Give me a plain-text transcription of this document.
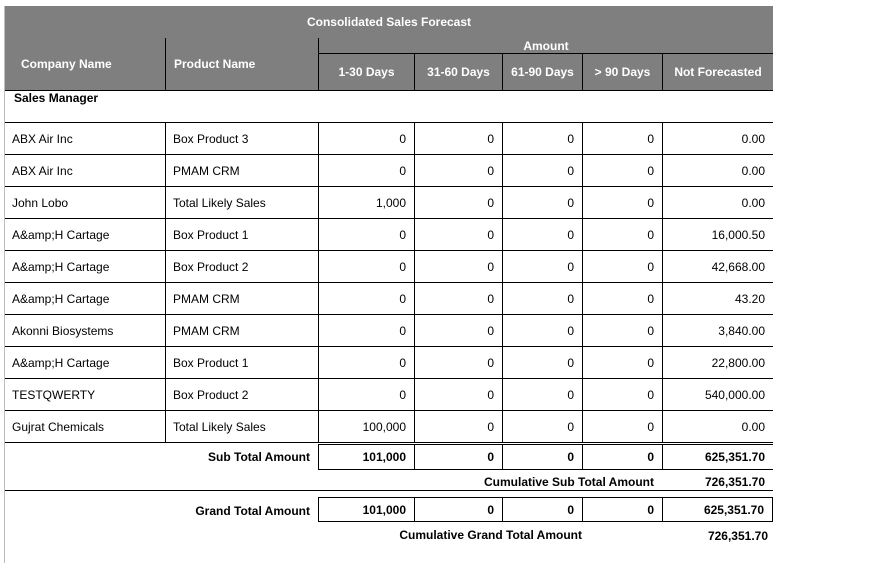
Consolidated Sales Forecast
Company Name	Product Name
Amount
1-30 Days	31-60 Days	61-90 Days	> 90 Days	Not Forecasted
Sales Manager
ABX Air Inc	Box Product 3	0	0	0	0	0.00
ABX Air Inc	PMAM CRM	0	0	0	0	0.00
John Lobo	Total Likely Sales	1,000	0	0	0	0.00
A&amp;H Cartage	Box Product 1	0	0	0	0	16,000.50
A&amp;H Cartage	Box Product 2	0	0	0	0	42,668.00
A&amp;H Cartage	PMAM CRM	0	0	0	0	43.20
Akonni Biosystems	PMAM CRM	0	0	0	0	3,840.00
A&amp;H Cartage	Box Product 1	0	0	0	0	22,800.00
TESTQWERTY	Box Product 2	0	0	0	0	540,000.00
Gujrat Chemicals	Total Likely Sales	100,000	0	0	0	0.00
Sub Total Amount	101,000	0	0	0	625,351.70
Cumulative Sub Total Amount	726,351.70
Grand Total Amount	101,000	0	0	0	625,351.70
Cumulative Grand Total Amount	726,351.70
